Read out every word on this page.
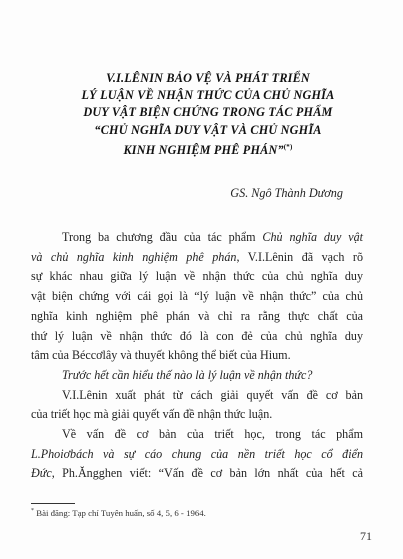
V.I.LÊNIN BẢO VỆ VÀ PHÁT TRIỂN
LÝ LUẬN VỀ NHẬN THỨC CỦA CHỦ NGHĨA
DUY VẬT BIỆN CHỨNG TRONG TÁC PHẨM
“CHỦ NGHĨA DUY VẬT VÀ CHỦ NGHĨA
KINH NGHIỆM PHÊ PHÁN”(*)
GS. Ngô Thành Dương

Trong ba chương đầu của tác phẩm Chủ nghĩa duy vật
và chủ nghĩa kinh nghiệm phê phán, V.I.Lênin đã vạch rõ
sự khác nhau giữa lý luận về nhận thức của chủ nghĩa duy
vật biện chứng với cái gọi là “lý luận về nhận thức” của chủ
nghĩa kinh nghiệm phê phán và chỉ ra rằng thực chất của
thứ lý luận về nhận thức đó là con đẻ của chủ nghĩa duy
tâm của Béccơlây và thuyết không thể biết của Hium.

Trước hết cần hiểu thế nào là lý luận về nhận thức?

V.I.Lênin xuất phát từ cách giải quyết vấn đề cơ bản
của triết học mà giải quyết vấn đề nhận thức luận.

Về vấn đề cơ bản của triết học, trong tác phẩm
L.Phoiơbách và sự cáo chung của nền triết học cổ điển
Đức, Ph.Ăngghen viết: “Vấn đề cơ bản lớn nhất của hết cả

* Bài đăng: Tạp chí Tuyên huấn, số 4, 5, 6 - 1964.
71
